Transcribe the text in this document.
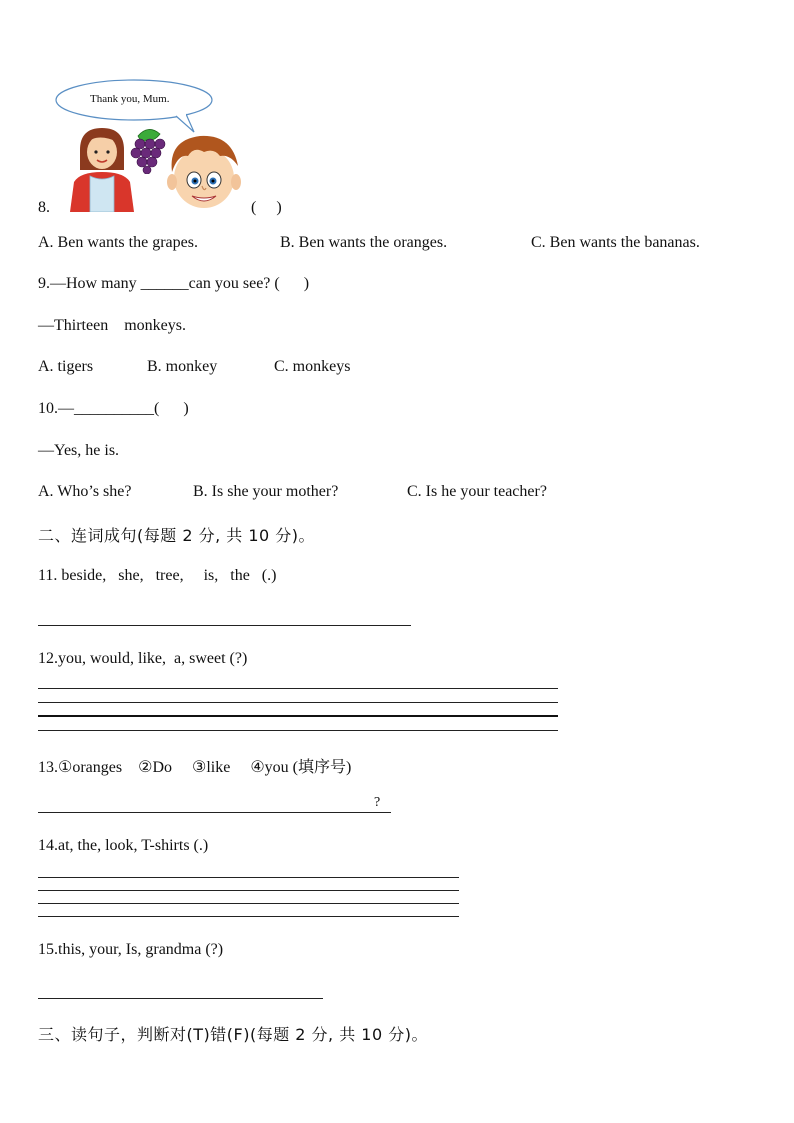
Thank you, Mum.
8.	(     )
A. Ben wants the grapes.	B. Ben wants the oranges.	C. Ben wants the bananas.
9.—How many ______can you see? (      )
—Thirteen    monkeys.
A. tigers	B. monkey	C. monkeys
10.—__________(      )
—Yes, he is.
A. Who’s she?	B. Is she your mother?	C. Is he your teacher?
二、连词成句(每题 2 分, 共 10 分)。
11. beside,   she,   tree,     is,   the   (.)
12.you, would, like,  a, sweet (?)
13.①oranges    ②Do     ③like     ④you (填序号)
?
14.at, the, look, T-shirts (.)
15.this, your, Is, grandma (?)
三、读句子，判断对(T)错(F)(每题 2 分, 共 10 分)。
